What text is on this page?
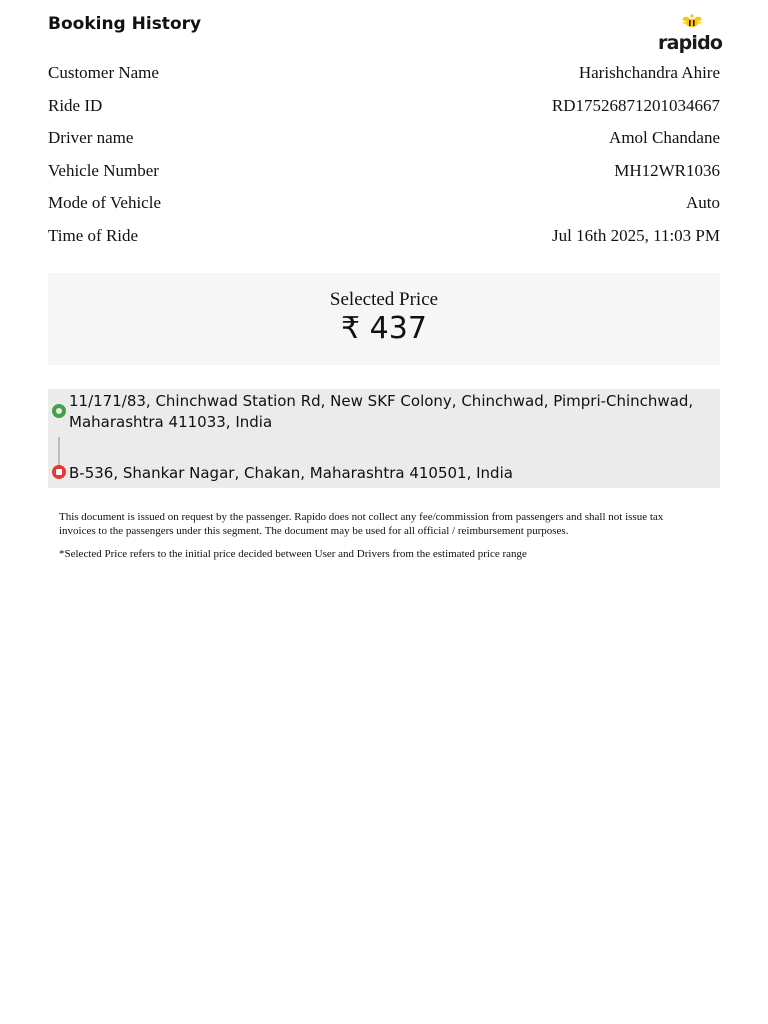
Booking History
rapido
Customer Name	Harishchandra Ahire
Ride ID	RD17526871201034667
Driver name	Amol Chandane
Vehicle Number	MH12WR1036
Mode of Vehicle	Auto
Time of Ride	Jul 16th 2025, 11:03 PM
Selected Price
₹ 437
11/171/83, Chinchwad Station Rd, New SKF Colony, Chinchwad, Pimpri-Chinchwad, Maharashtra 411033, India
B-536, Shankar Nagar, Chakan, Maharashtra 410501, India

This document is issued on request by the passenger. Rapido does not collect any fee/commission from passengers and shall not issue tax invoices to the passengers under this segment. The document may be used for all official / reimbursement purposes.

*Selected Price refers to the initial price decided between User and Drivers from the estimated price range
